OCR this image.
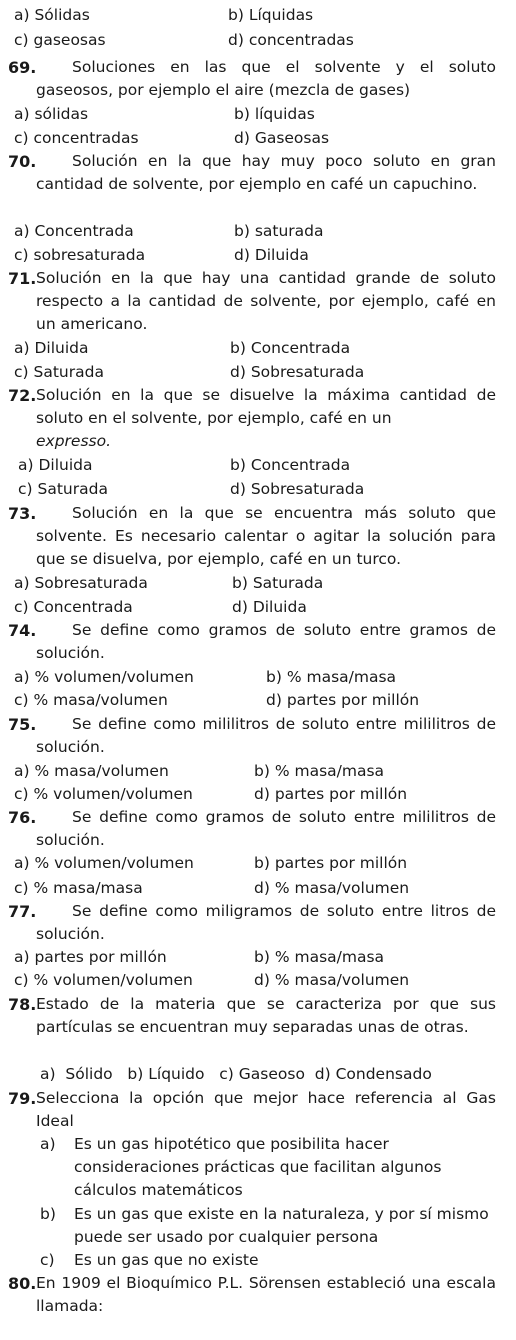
a) Sólidas	b) Líquidas
c) gaseosas	d) concentradas
69.	Soluciones en las que el solvente y el soluto gaseosos, por ejemplo el aire (mezcla de gases)
a) sólidas	b) líquidas
c) concentradas	d) Gaseosas
70.	Solución en la que hay muy poco soluto en gran cantidad de solvente, por ejemplo en café un capuchino.
a) Concentrada	b) saturada
c) sobresaturada	d) Diluida
71. Solución en la que hay una cantidad grande de soluto respecto a la cantidad de solvente, por ejemplo, café en un americano.
a) Diluida	b) Concentrada
c) Saturada	d) Sobresaturada
72. Solución en la que se disuelve la máxima cantidad de soluto en el solvente, por ejemplo, café en un
expresso.
a) Diluida	b) Concentrada
c) Saturada	d) Sobresaturada
73.	Solución en la que se encuentra más soluto que solvente. Es necesario calentar o agitar la solución para que se disuelva, por ejemplo, café en un turco.
a) Sobresaturada	b) Saturada
c) Concentrada	d) Diluida
74.	Se define como gramos de soluto entre gramos de solución.
a) % volumen/volumen	b) % masa/masa
c) % masa/volumen	d) partes por millón
75.	Se define como mililitros de soluto entre mililitros de solución.
a) % masa/volumen	b) % masa/masa
c) % volumen/volumen	d) partes por millón
76.	Se define como gramos de soluto entre mililitros de solución.
a) % volumen/volumen	b) partes por millón
c) % masa/masa	d) % masa/volumen
77.	Se define como miligramos de soluto entre litros de solución.
a) partes por millón	b) % masa/masa
c) % volumen/volumen	d) % masa/volumen
78. Estado de la materia que se caracteriza por que sus partículas se encuentran muy separadas unas de otras.
a)  Sólido   b) Líquido   c) Gaseoso  d) Condensado
79. Selecciona la opción que mejor hace referencia al Gas Ideal
a)	Es un gas hipotético que posibilita hacer consideraciones prácticas que facilitan algunos cálculos matemáticos
b)	Es un gas que existe en la naturaleza, y por sí mismo puede ser usado por cualquier persona
c)	Es un gas que no existe
80. En 1909 el Bioquímico P.L. Sörensen estableció una escala llamada:
